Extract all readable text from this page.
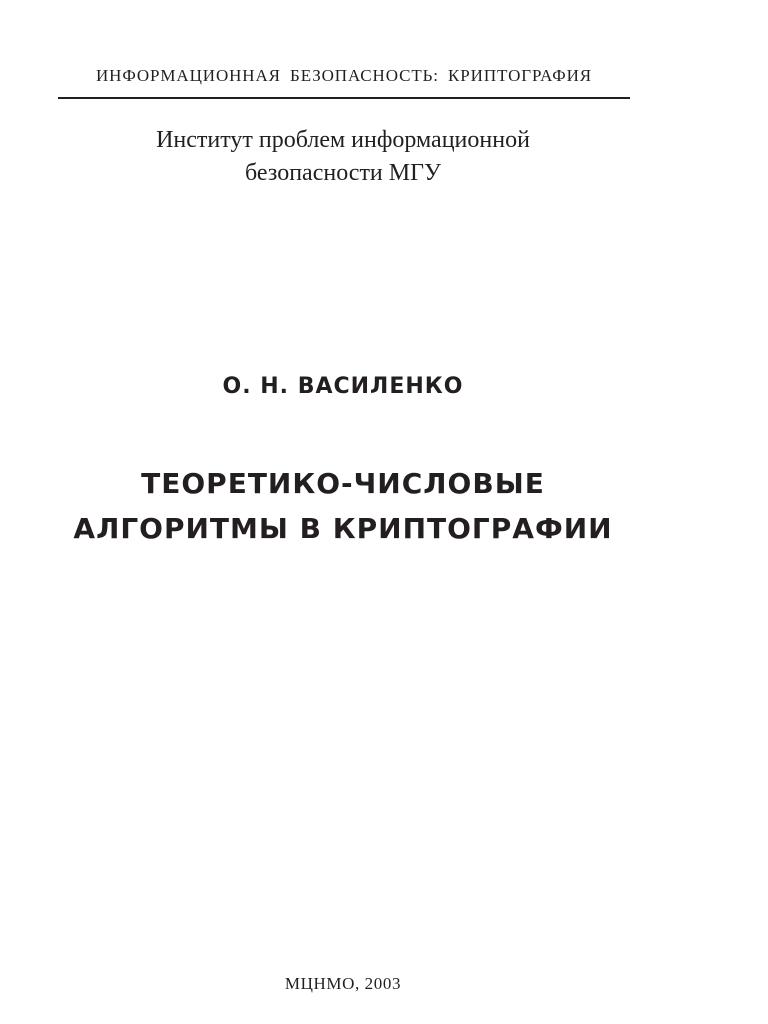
ИНФОРМАЦИОННАЯ БЕЗОПАСНОСТЬ: КРИПТОГРАФИЯ
Институт проблем информационной
безопасности МГУ
О. Н. ВАСИЛЕНКО
ТЕОРЕТИКО-ЧИСЛОВЫЕ
АЛГОРИТМЫ В КРИПТОГРАФИИ
МЦНМО, 2003
